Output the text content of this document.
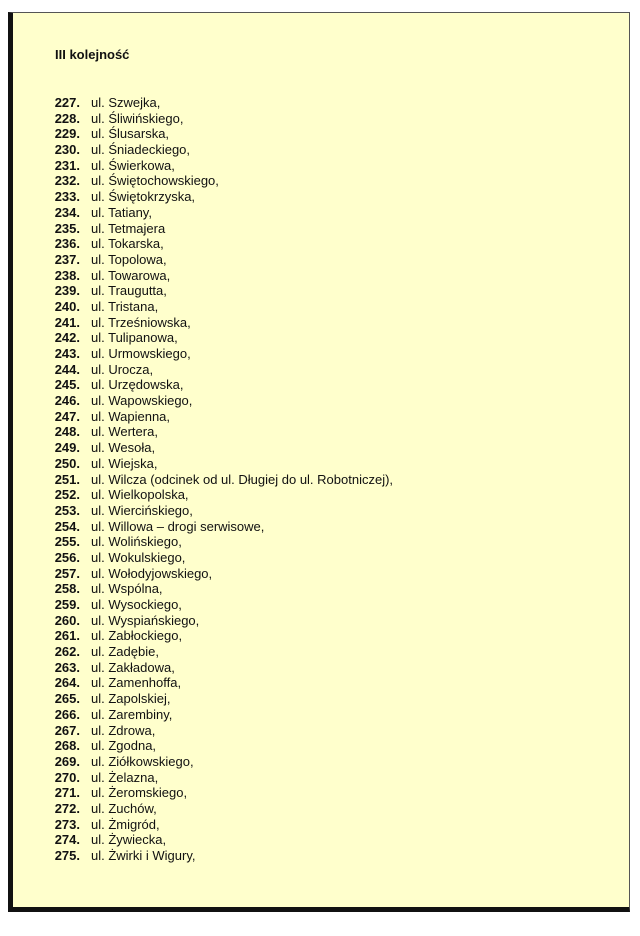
III kolejność
227. ul. Szwejka,
228. ul. Śliwińskiego,
229. ul. Ślusarska,
230. ul. Śniadeckiego,
231. ul. Świerkowa,
232. ul. Świętochowskiego,
233. ul. Świętokrzyska,
234. ul. Tatiany,
235. ul. Tetmajera
236. ul. Tokarska,
237. ul. Topolowa,
238. ul. Towarowa,
239. ul. Traugutta,
240. ul. Tristana,
241. ul. Trześniowska,
242. ul. Tulipanowa,
243. ul. Urmowskiego,
244. ul. Urocza,
245. ul. Urzędowska,
246. ul. Wapowskiego,
247. ul. Wapienna,
248. ul. Wertera,
249. ul. Wesoła,
250. ul. Wiejska,
251. ul. Wilcza (odcinek od ul. Długiej do ul. Robotniczej),
252. ul. Wielkopolska,
253. ul. Wiercińskiego,
254. ul. Willowa – drogi serwisowe,
255. ul. Wolińskiego,
256. ul. Wokulskiego,
257. ul. Wołodyjowskiego,
258. ul. Wspólna,
259. ul. Wysockiego,
260. ul. Wyspiańskiego,
261. ul. Zabłockiego,
262. ul. Zadębie,
263. ul. Zakładowa,
264. ul. Zamenhoffa,
265. ul. Zapolskiej,
266. ul. Zarembiny,
267. ul. Zdrowa,
268. ul. Zgodna,
269. ul. Ziółkowskiego,
270. ul. Żelazna,
271. ul. Żeromskiego,
272. ul. Zuchów,
273. ul. Żmigród,
274. ul. Żywiecka,
275. ul. Żwirki i Wigury,
